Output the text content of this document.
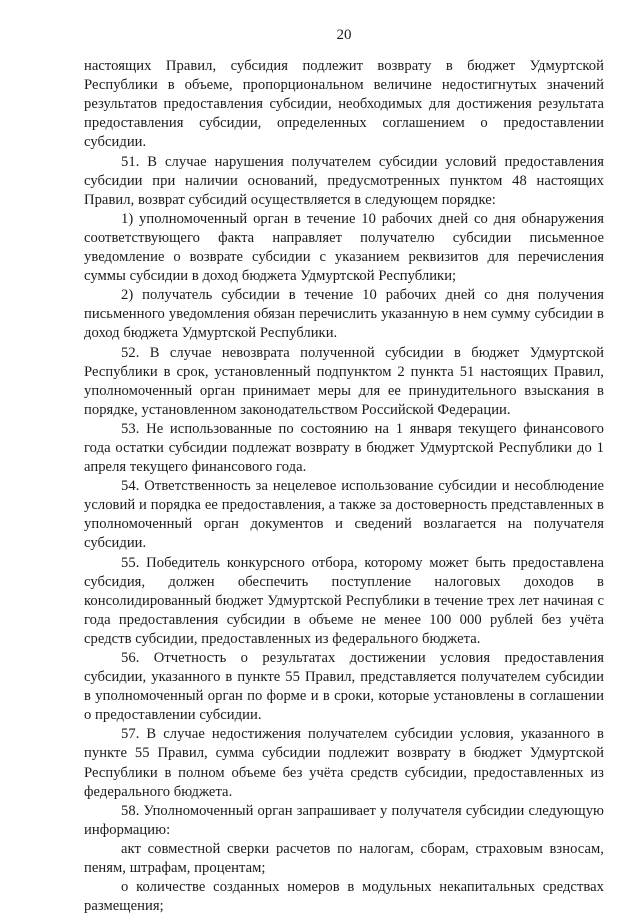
20

настоящих Правил, субсидия подлежит возврату в бюджет Удмуртской Республики в объеме, пропорциональном величине недостигнутых значений результатов предоставления субсидии, необходимых для достижения результата предоставления субсидии, определенных соглашением о предоставлении субсидии.

51. В случае нарушения получателем субсидии условий предоставления субсидии при наличии оснований, предусмотренных пунктом 48 настоящих Правил, возврат субсидий осуществляется в следующем порядке:

1) уполномоченный орган в течение 10 рабочих дней со дня обнаружения соответствующего факта направляет получателю субсидии письменное уведомление о возврате субсидии с указанием реквизитов для перечисления суммы субсидии в доход бюджета Удмуртской Республики;

2) получатель субсидии в течение 10 рабочих дней со дня получения письменного уведомления обязан перечислить указанную в нем сумму субсидии в доход бюджета Удмуртской Республики.

52. В случае невозврата полученной субсидии в бюджет Удмуртской Республики в срок, установленный подпунктом 2 пункта 51 настоящих Правил, уполномоченный орган принимает меры для ее принудительного взыскания в порядке, установленном законодательством Российской Федерации.

53. Не использованные по состоянию на 1 января текущего финансового года остатки субсидии подлежат возврату в бюджет Удмуртской Республики до 1 апреля текущего финансового года.

54. Ответственность за нецелевое использование субсидии и несоблюдение условий и порядка ее предоставления, а также за достоверность представленных в уполномоченный орган документов и сведений возлагается на получателя субсидии.

55. Победитель конкурсного отбора, которому может быть предоставлена субсидия, должен обеспечить поступление налоговых доходов в консолидированный бюджет Удмуртской Республики в течение трех лет начиная с года предоставления субсидии в объеме не менее 100 000 рублей без учёта средств субсидии, предоставленных из федерального бюджета.

56. Отчетность о результатах достижении условия предоставления субсидии, указанного в пункте 55 Правил, представляется получателем субсидии в уполномоченный орган по форме и в сроки, которые установлены в соглашении о предоставлении субсидии.

57. В случае недостижения получателем субсидии условия, указанного в пункте 55 Правил, сумма субсидии подлежит возврату в бюджет Удмуртской Республики в полном объеме без учёта средств субсидии, предоставленных из федерального бюджета.

58. Уполномоченный орган запрашивает у получателя субсидии следующую информацию:

акт совместной сверки расчетов по налогам, сборам, страховым взносам, пеням, штрафам, процентам;

о количестве созданных номеров в модульных некапитальных средствах размещения;
